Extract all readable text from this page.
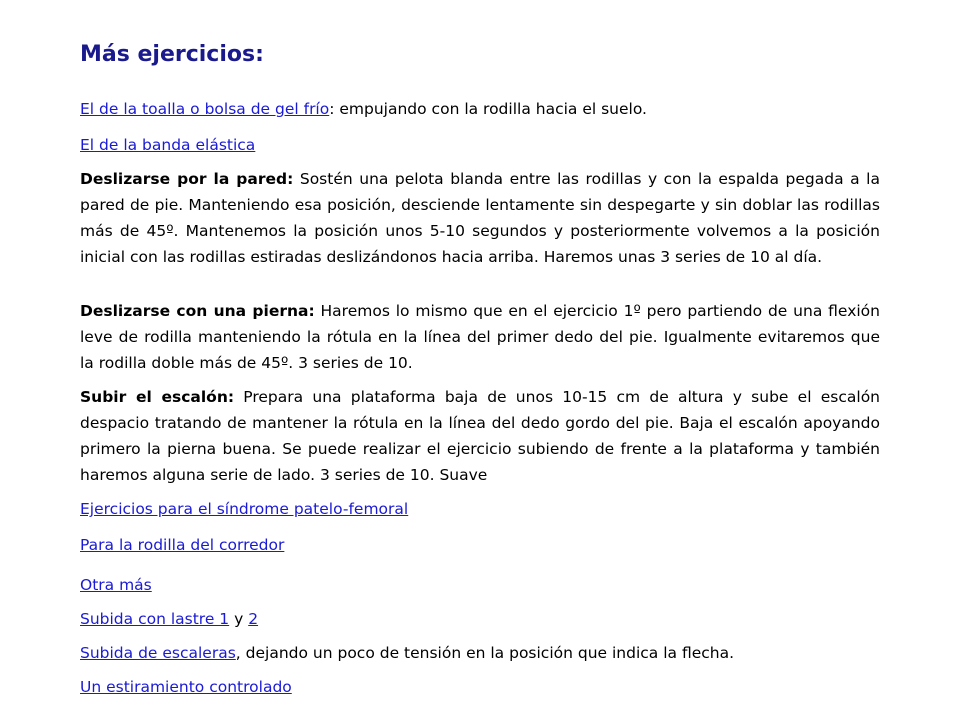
Más ejercicios:

El de la toalla o bolsa de gel frío: empujando con la rodilla hacia el suelo.

El de la banda elástica

Deslizarse por la pared: Sostén una pelota blanda entre las rodillas y con la espalda pegada a la pared de pie. Manteniendo esa posición, desciende lentamente sin despegarte y sin doblar las rodillas más de 45º. Mantenemos la posición unos 5-10 segundos y posteriormente volvemos a la posición inicial con las rodillas estiradas deslizándonos hacia arriba. Haremos unas 3 series de 10 al día.

Deslizarse con una pierna: Haremos lo mismo que en el ejercicio 1º pero partiendo de una flexión leve de rodilla manteniendo la rótula en la línea del primer dedo del pie. Igualmente evitaremos que la rodilla doble más de 45º. 3 series de 10.

Subir el escalón: Prepara una plataforma baja de unos 10-15 cm de altura y sube el escalón despacio tratando de mantener la rótula en la línea del dedo gordo del pie. Baja el escalón apoyando primero la pierna buena. Se puede realizar el ejercicio subiendo de frente a la plataforma y también haremos alguna serie de lado. 3 series de 10. Suave

Ejercicios para el síndrome patelo-femoral

Para la rodilla del corredor

Otra más

Subida con lastre 1 y 2

Subida de escaleras, dejando un poco de tensión en la posición que indica la flecha.

Un estiramiento controlado
